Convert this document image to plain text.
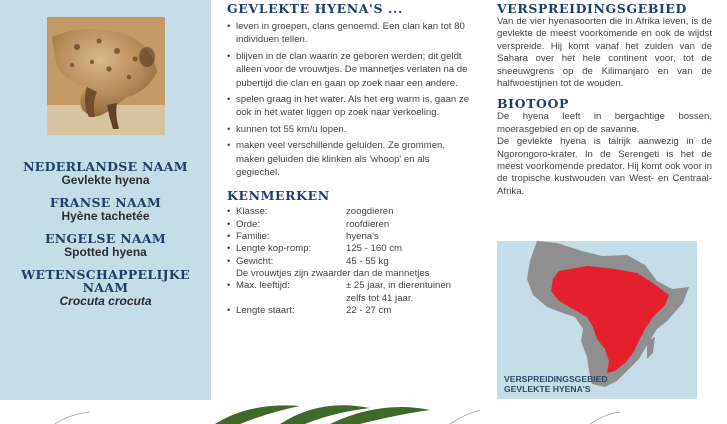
NEDERLANDSE NAAM
Gevlekte hyena
FRANSE NAAM
Hyène tachetée
ENGELSE NAAM
Spotted hyena
WETENSCHAPPELIJKE NAAM
Crocuta crocuta
GEVLEKTE HYENA'S ...
• leven in groepen, clans genoemd. Een clan kan tot 80 individuen tellen.
• blijven in de clan waarin ze geboren werden; dit geldt alleen voor de vrouwtjes. De mannetjes verlaten na de pubertijd die clan en gaan op zoek naar een andere.
• spelen graag in het water. Als het erg warm is, gaan ze ook in het water liggen op zoek naar verkoeling.
• kunnen tot 55 km/u lopen.
• maken veel verschillende geluiden. Ze grommen, maken geluiden die klinken als 'whoop' en als gegiechel.
KENMERKEN
• Klasse:	zoogdieren
• Orde:	roofdieren
• Familie:	hyena's
• Lengte kop-romp:	125 - 160 cm
• Gewicht:	45 - 55 kg
De vrouwtjes zijn zwaarder dan de mannetjes
• Max. leeftijd:	± 25 jaar, in dierentuinen
zelfs tot 41 jaar.
• Lengte staart:	22 - 27 cm
VERSPREIDINGSGEBIED

Van de vier hyenasoorten die in Afrika leven, is de gevlekte de meest voorkomende en ook de wijdst verspreide. Hij komt vanaf het zuiden van de Sahara over het hele continent voor, tot de sneeuwgrens op de Kilimanjaro en van de halfwoestijnen tot de wouden.

BIOTOOP

De hyena leeft in bergachtige bossen, moerasgebied en op de savanne.

De gevlekte hyena is talrijk aanwezig in de Ngorongoro-krater. In de Serengeti is het de meest voorkomende predator. Hij komt ook voor in de tropische kustwouden van West- en Centraal-Afrika.

VERSPREIDINGSGEBIED
GEVLEKTE HYENA'S
